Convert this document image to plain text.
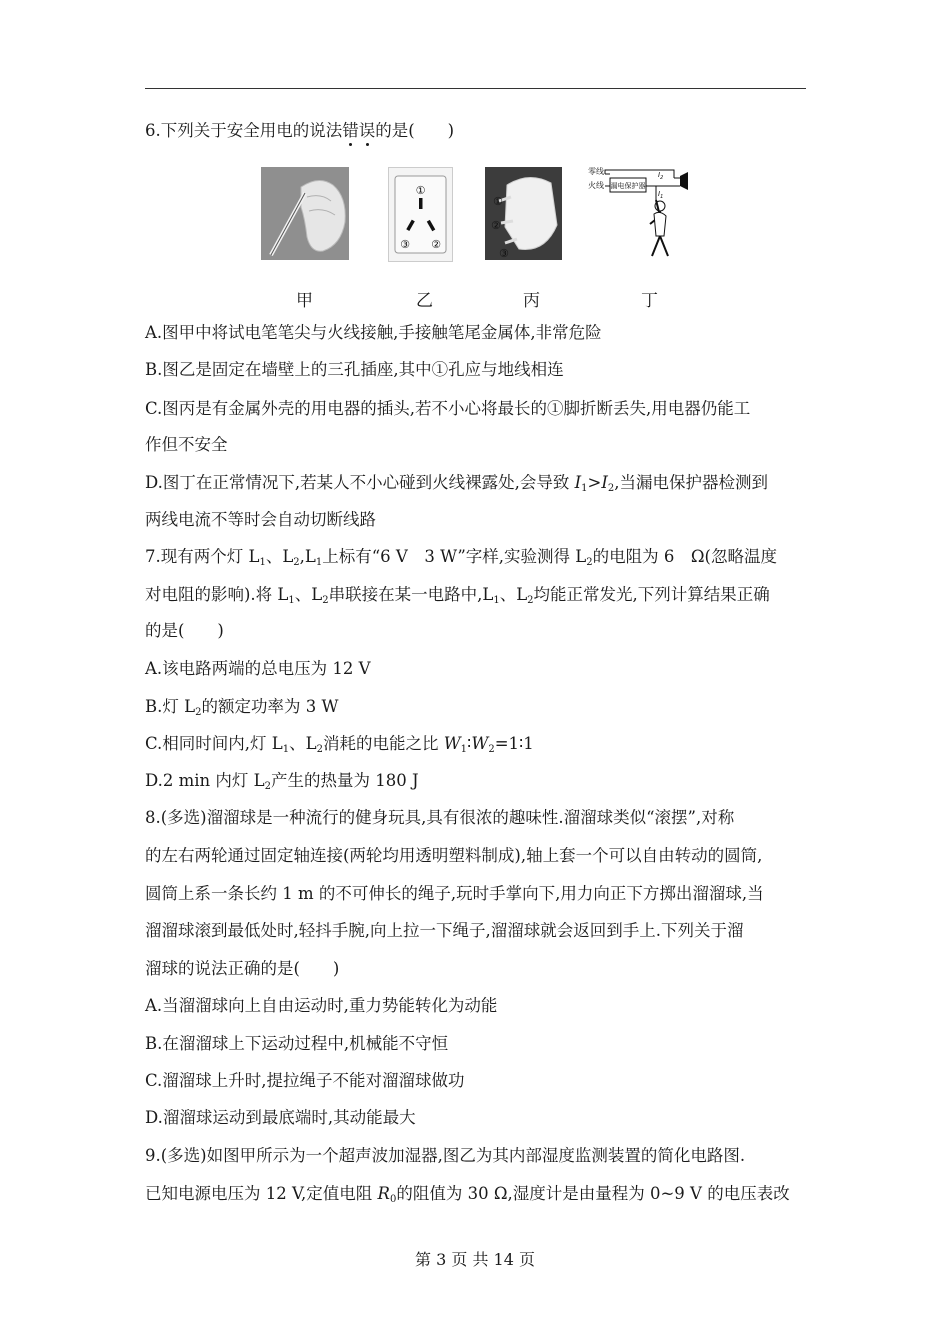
6.下列关于安全用电的说法错误的是(　　)
①
③ ②
①
②
③
零线
火线 漏电保护器
$I_2$
$I_1$
甲	乙	丙	丁
A.图甲中将试电笔笔尖与火线接触,手接触笔尾金属体,非常危险
B.图乙是固定在墙壁上的三孔插座,其中①孔应与地线相连
C.图丙是有金属外壳的用电器的插头,若不小心将最长的①脚折断丢失,用电器仍能工
作但不安全
D.图丁在正常情况下,若某人不小心碰到火线裸露处,会导致 $I_1>I_2$,当漏电保护器检测到
两线电流不等时会自动切断线路
7.现有两个灯 $L_1$、$L_2,L_1$上标有“6 V　3 W”字样,实验测得 $L_2$的电阻为 6　Ω(忽略温度
对电阻的影响).将 $L_1$、$L_2$串联接在某一电路中$,L_1$、$L_2$均能正常发光,下列计算结果正确
的是(　　)
A.该电路两端的总电压为 12 V
B.灯 $L_2$的额定功率为 3 W
C.相同时间内,灯 $L_1$、$L_2$消耗的电能之比 $W_1∶W_2=1∶1$
D.2 min 内灯 $L_2$产生的热量为 180 J
8.(多选)溜溜球是一种流行的健身玩具,具有很浓的趣味性.溜溜球类似“滚摆”,对称
的左右两轮通过固定轴连接(两轮均用透明塑料制成),轴上套一个可以自由转动的圆筒,
圆筒上系一条长约 1 m 的不可伸长的绳子,玩时手掌向下,用力向正下方掷出溜溜球,当
溜溜球滚到最低处时,轻抖手腕,向上拉一下绳子,溜溜球就会返回到手上.下列关于溜
溜球的说法正确的是(　　)
A.当溜溜球向上自由运动时,重力势能转化为动能
B.在溜溜球上下运动过程中,机械能不守恒
C.溜溜球上升时,提拉绳子不能对溜溜球做功
D.溜溜球运动到最底端时,其动能最大
9.(多选)如图甲所示为一个超声波加湿器,图乙为其内部湿度监测装置的简化电路图.
已知电源电压为 12 V,定值电阻 $R_0$的阻值为 30 Ω,湿度计是由量程为 0~9 V 的电压表改
第 3 页 共 14 页
